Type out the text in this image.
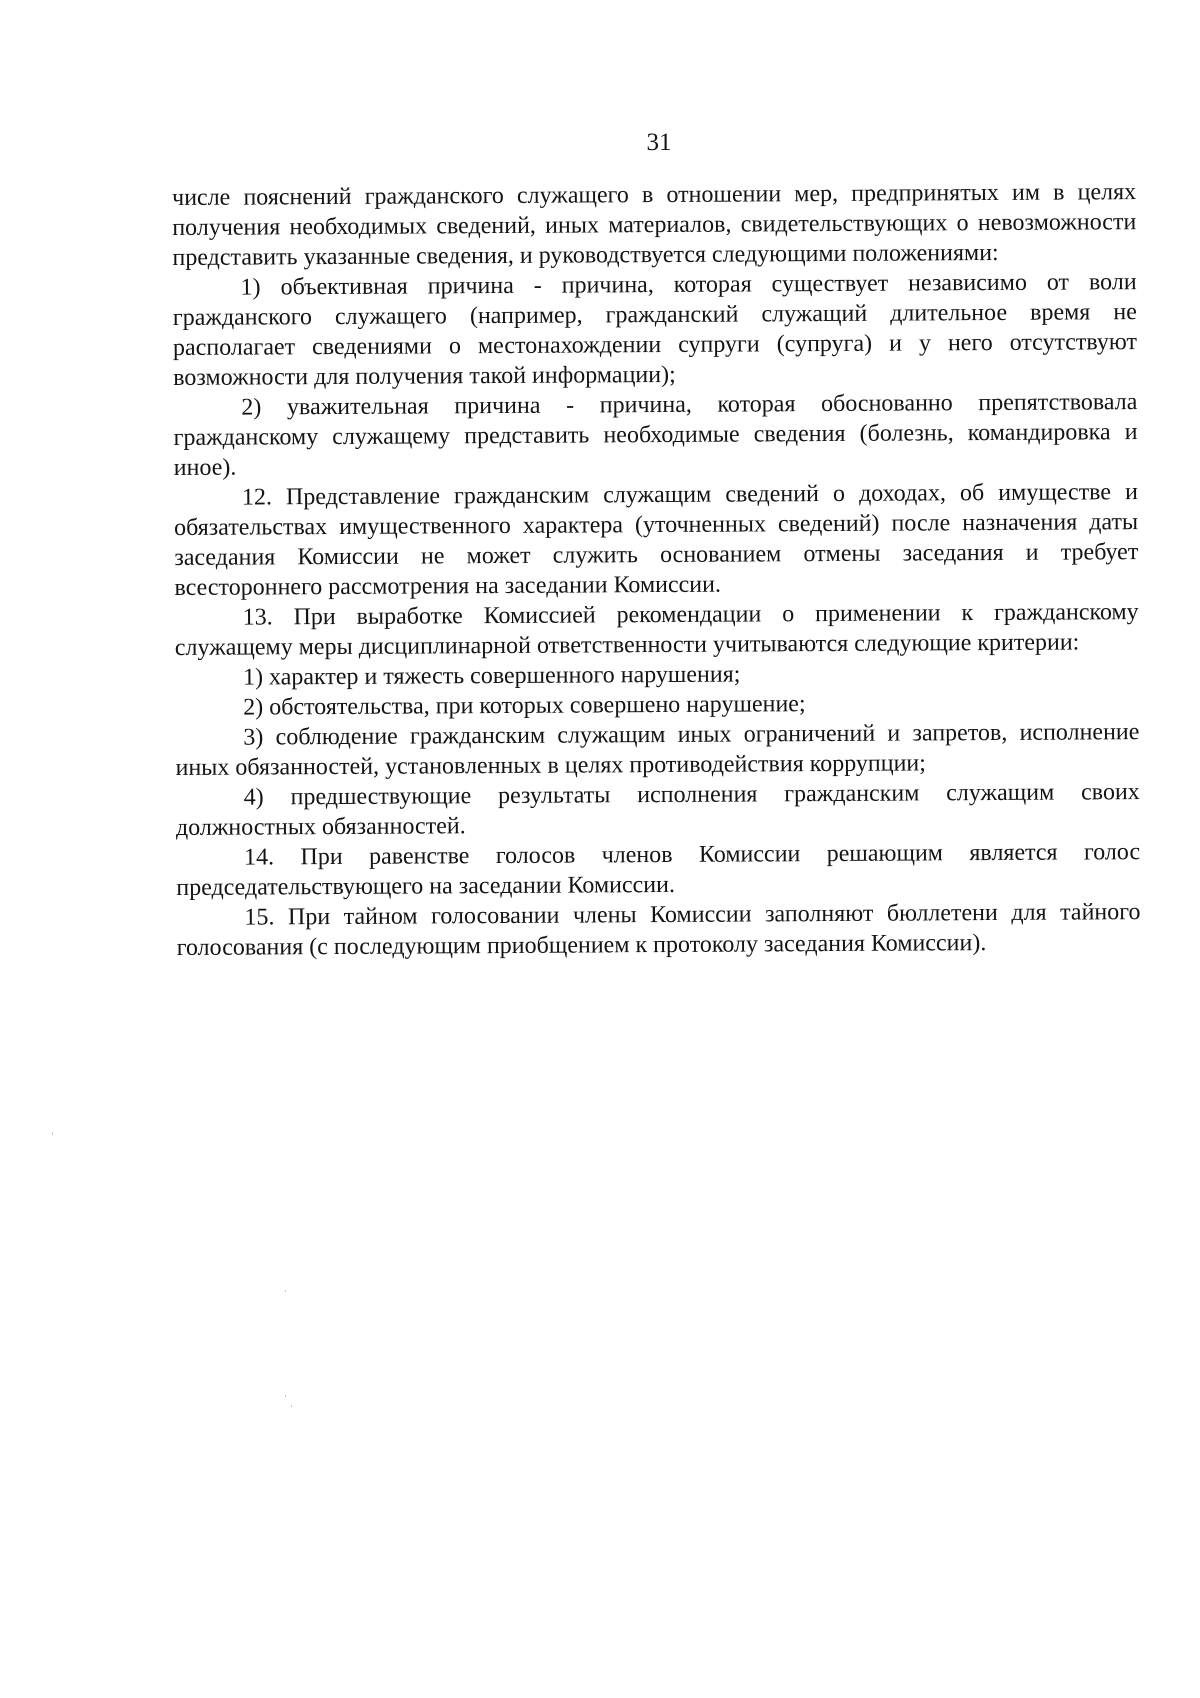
31

числе пояснений гражданского служащего в отношении мер, предпринятых им в целях получения необходимых сведений, иных материалов, свидетельствующих о невозможности представить указанные сведения, и руководствуется следующими положениями:

1) объективная причина - причина, которая существует независимо от воли гражданского служащего (например, гражданский служащий длительное время не располагает сведениями о местонахождении супруги (супруга) и у него отсутствуют возможности для получения такой информации);

2) уважительная причина - причина, которая обоснованно препятствовала гражданскому служащему представить необходимые сведения (болезнь, командировка и иное).

12. Представление гражданским служащим сведений о доходах, об имуществе и обязательствах имущественного характера (уточненных сведений) после назначения даты заседания Комиссии не может служить основанием отмены заседания и требует всестороннего рассмотрения на заседании Комиссии.

13. При выработке Комиссией рекомендации о применении к гражданскому служащему меры дисциплинарной ответственности учитываются следующие критерии:

1) характер и тяжесть совершенного нарушения;

2) обстоятельства, при которых совершено нарушение;

3) соблюдение гражданским служащим иных ограничений и запретов, исполнение иных обязанностей, установленных в целях противодействия коррупции;

4) предшествующие результаты исполнения гражданским служащим своих должностных обязанностей.

14. При равенстве голосов членов Комиссии решающим является голос председательствующего на заседании Комиссии.

15. При тайном голосовании члены Комиссии заполняют бюллетени для тайного голосования (с последующим приобщением к протоколу заседания Комиссии).
